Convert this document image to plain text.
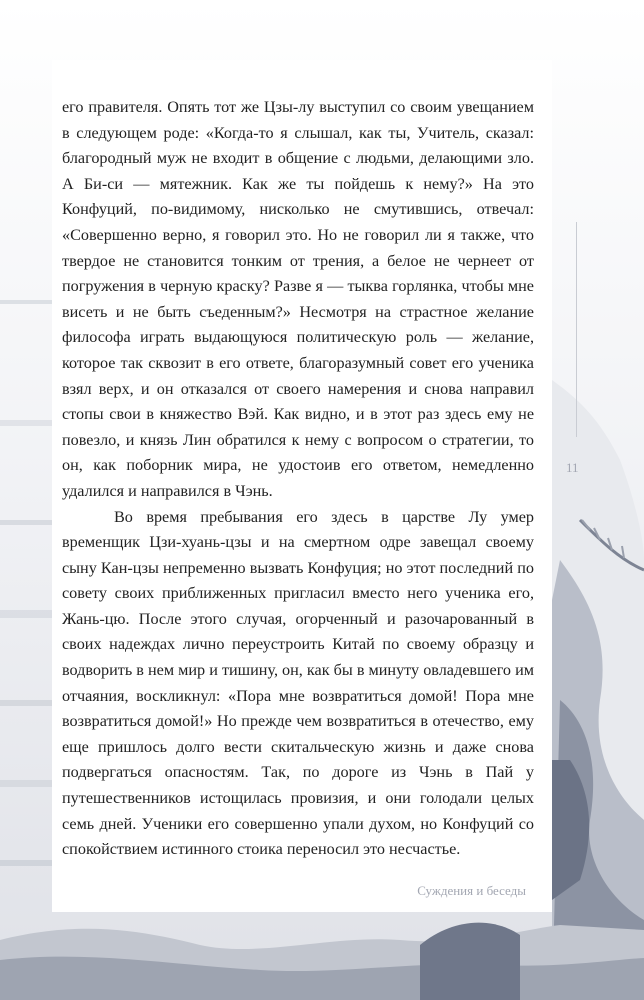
его правителя. Опять тот же Цзы-лу выступил со своим увещанием в следующем роде: «Когда-то я слышал, как ты, Учитель, сказал: благородный муж не входит в общение с людьми, делающими зло. А Би-си — мятежник. Как же ты пойдешь к нему?» На это Конфуций, по-видимому, нисколько не смутившись, отвечал: «Совершенно верно, я говорил это. Но не говорил ли я также, что твердое не становится тонким от трения, а белое не чернеет от погружения в черную краску? Разве я — тыква горлянка, чтобы мне висеть и не быть съеденным?» Несмотря на страстное желание философа играть выдающуюся политическую роль — желание, которое так сквозит в его ответе, благоразумный совет его ученика взял верх, и он отказался от своего намерения и снова направил стопы свои в княжество Вэй. Как видно, и в этот раз здесь ему не повезло, и князь Лин обратился к нему с вопросом о стратегии, то он, как поборник мира, не удостоив его ответом, немедленно удалился и направился в Чэнь.

Во время пребывания его здесь в царстве Лу умер временщик Цзи-хуань-цзы и на смертном одре завещал своему сыну Кан-цзы непременно вызвать Конфуция; но этот последний по совету своих приближенных пригласил вместо него ученика его, Жань-цю. После этого случая, огорченный и разочарованный в своих надеждах лично переустроить Китай по своему образцу и водворить в нем мир и тишину, он, как бы в минуту овладевшего им отчаяния, воскликнул: «Пора мне возвратиться домой! Пора мне возвратиться домой!» Но прежде чем возвратиться в отечество, ему еще пришлось долго вести скитальческую жизнь и даже снова подвергаться опасностям. Так, по дороге из Чэнь в Пай у путешественников истощилась провизия, и они голодали целых семь дней. Ученики его совершенно упали духом, но Конфуций со спокойствием истинного стоика переносил это несчастье.

11
Суждения и беседы
